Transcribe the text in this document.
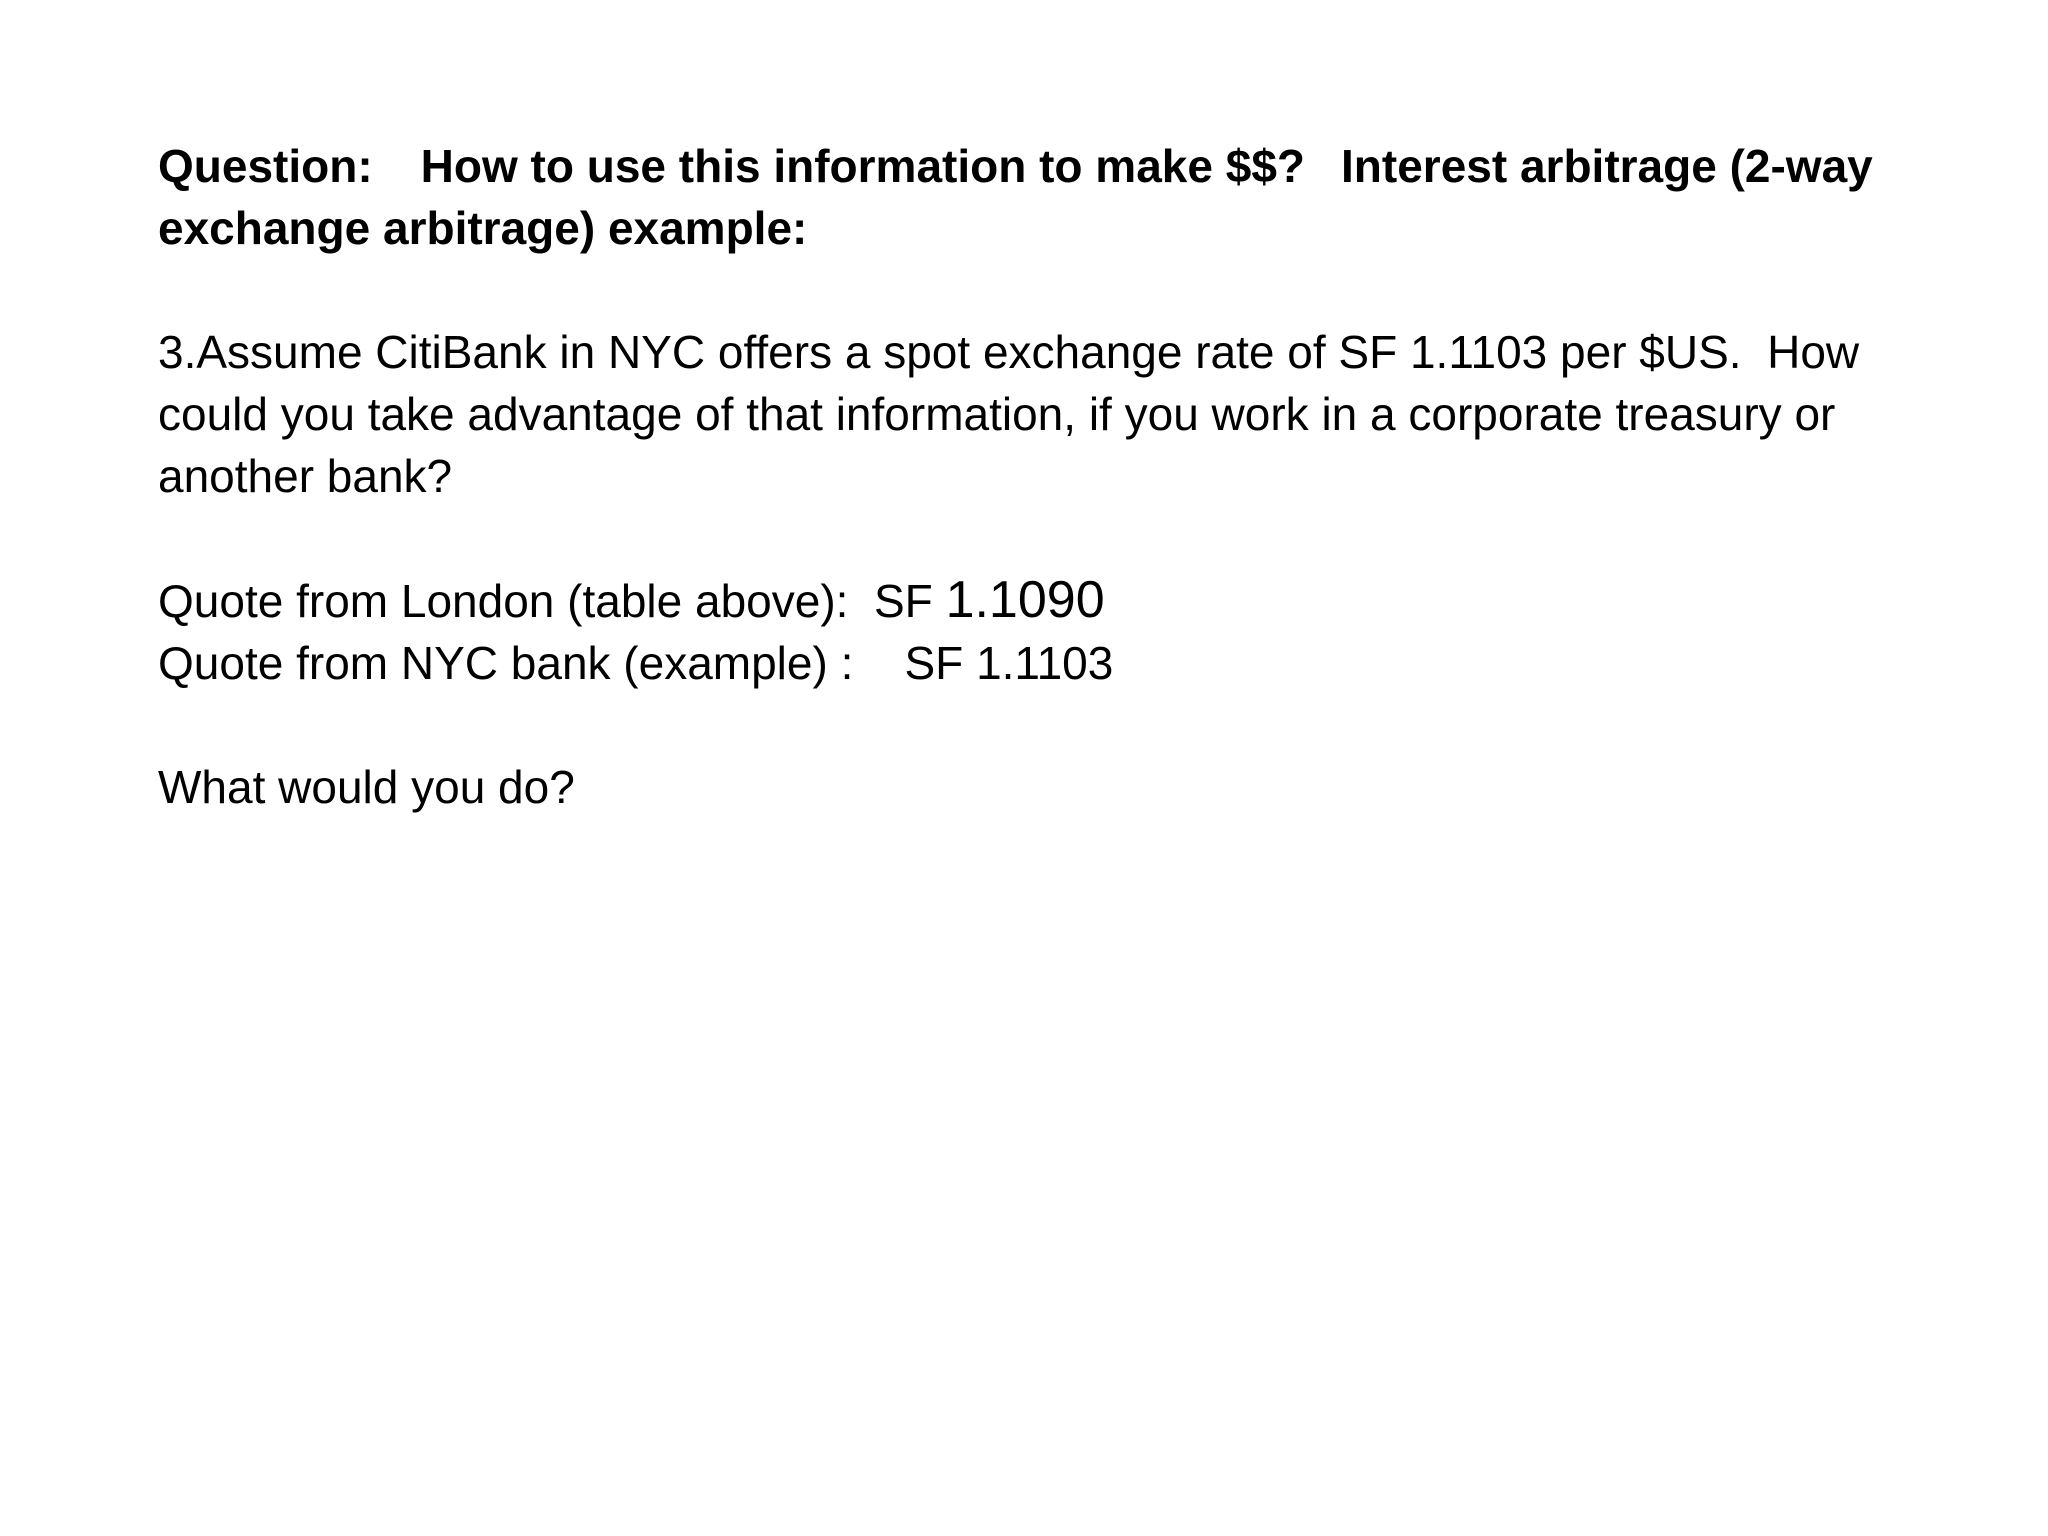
Question: How to use this information to make $$? Interest arbitrage (2-way
exchange arbitrage) example:
3.Assume CitiBank in NYC offers a spot exchange rate of SF 1.1103 per $US.  How
could you take advantage of that information, if you work in a corporate treasury or
another bank?
Quote from London (table above):  SF 1.1090
Quote from NYC bank (example) :    SF 1.1103
What would you do?
